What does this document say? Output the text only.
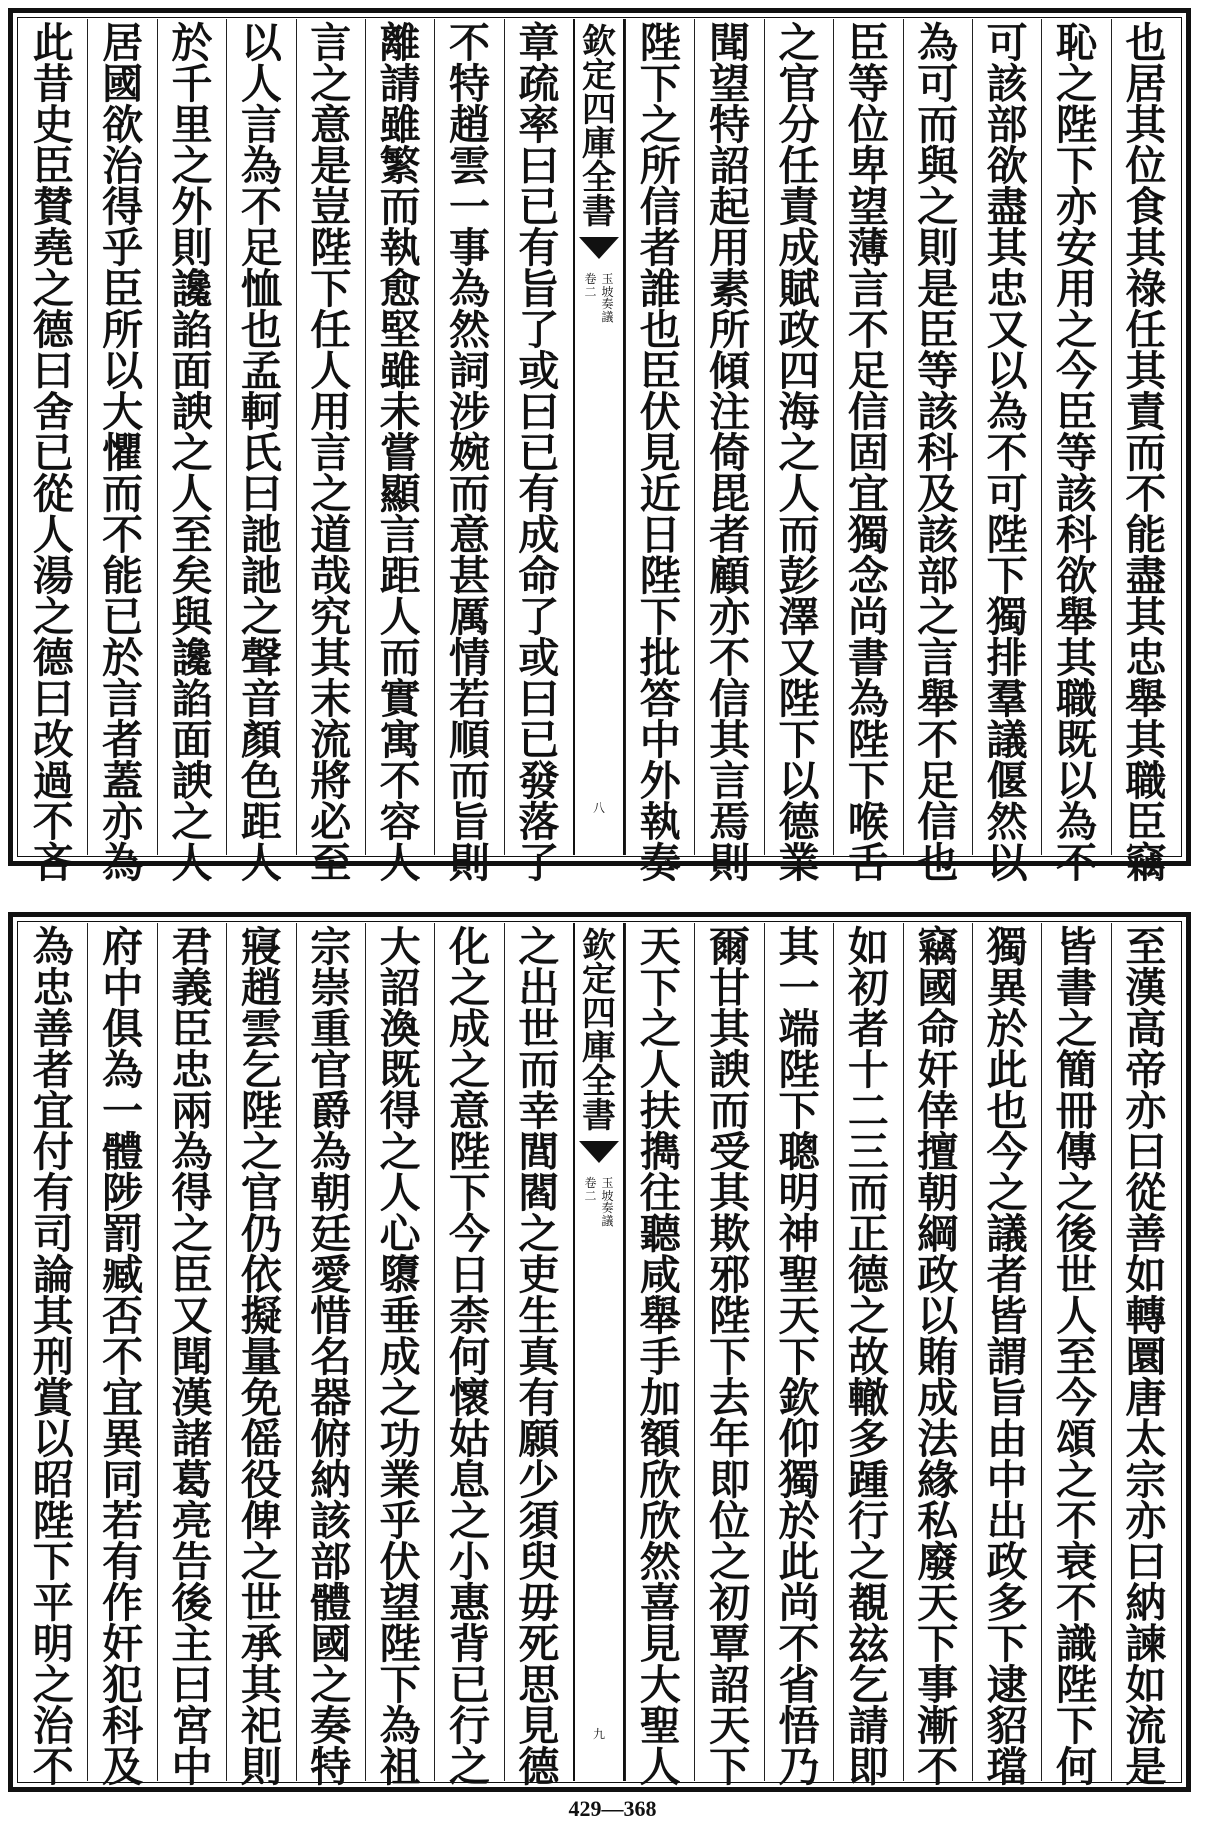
也
居
其
位
食
其
祿
任
其
責
而
不
能
盡
其
忠
舉
其
職
臣
竊
恥
之
陛
下
亦
安
用
之
今
臣
等
該
科
欲
舉
其
職
既
以
為
不
可
該
部
欲
盡
其
忠
又
以
為
不
可
陛
下
獨
排
羣
議
偃
然
以
為
可
而
與
之
則
是
臣
等
該
科
及
該
部
之
言
舉
不
足
信
也
臣
等
位
卑
望
薄
言
不
足
信
固
宜
獨
念
尚
書
為
陛
下
喉
舌
之
官
分
任
責
成
賦
政
四
海
之
人
而
彭
澤
又
陛
下
以
德
業
聞
望
特
詔
起
用
素
所
傾
注
倚
毘
者
顧
亦
不
信
其
言
焉
則
陛
下
之
所
信
者
誰
也
臣
伏
見
近
日
陛
下
批
答
中
外
執
奏
欽
定
四
庫
全
書
玉坡奏議
卷二
八
章
疏
率
曰
已
有
旨
了
或
曰
已
有
成
命
了
或
曰
已
發
落
了
不
特
趙
雲
一
事
為
然
詞
涉
婉
而
意
甚
厲
情
若
順
而
旨
則
離
請
雖
繁
而
執
愈
堅
雖
未
嘗
顯
言
距
人
而
實
寓
不
容
人
言
之
意
是
豈
陛
下
任
人
用
言
之
道
哉
究
其
末
流
將
必
至
以
人
言
為
不
足
恤
也
孟
軻
氏
曰
訑
訑
之
聲
音
顏
色
距
人
於
千
里
之
外
則
讒
諂
面
諛
之
人
至
矣
與
讒
諂
面
諛
之
人
居
國
欲
治
得
乎
臣
所
以
大
懼
而
不
能
已
於
言
者
蓋
亦
為
此
昔
史
臣
賛
堯
之
德
曰
舍
已
從
人
湯
之
德
曰
改
過
不
吝
至
漢
高
帝
亦
曰
從
善
如
轉
圜
唐
太
宗
亦
曰
納
諫
如
流
是
皆
書
之
簡
冊
傳
之
後
世
人
至
今
頌
之
不
衰
不
識
陛
下
何
獨
異
於
此
也
今
之
議
者
皆
謂
旨
由
中
出
政
多
下
逮
貂
璫
竊
國
命
奸
倖
擅
朝
綱
政
以
賄
成
法
緣
私
廢
天
下
事
漸
不
如
初
者
十
二
三
而
正
德
之
故
轍
多
踵
行
之
覩
玆
乞
請
即
其
一
端
陛
下
聰
明
神
聖
天
下
欽
仰
獨
於
此
尚
不
省
悟
乃
爾
甘
其
諛
而
受
其
欺
邪
陛
下
去
年
即
位
之
初
覃
詔
天
下
天
下
之
人
扶
擕
往
聽
咸
舉
手
加
額
欣
欣
然
喜
見
大
聖
人
欽
定
四
庫
全
書
玉坡奏議
卷二
九
之
出
世
而
幸
閭
閻
之
吏
生
真
有
願
少
須
臾
毋
死
思
見
德
化
之
成
之
意
陛
下
今
日
柰
何
懷
姑
息
之
小
惠
背
已
行
之
大
詔
渙
既
得
之
人
心
隳
垂
成
之
功
業
乎
伏
望
陛
下
為
祖
宗
崇
重
官
爵
為
朝
廷
愛
惜
名
器
俯
納
該
部
體
國
之
奏
特
寢
趙
雲
乞
陛
之
官
仍
依
擬
量
免
傜
役
俾
之
世
承
其
祀
則
君
義
臣
忠
兩
為
得
之
臣
又
聞
漢
諸
葛
亮
告
後
主
曰
宮
中
府
中
俱
為
一
體
陟
罰
臧
否
不
宜
異
同
若
有
作
奸
犯
科
及
為
忠
善
者
宜
付
有
司
論
其
刑
賞
以
昭
陛
下
平
明
之
治
不
429—368
